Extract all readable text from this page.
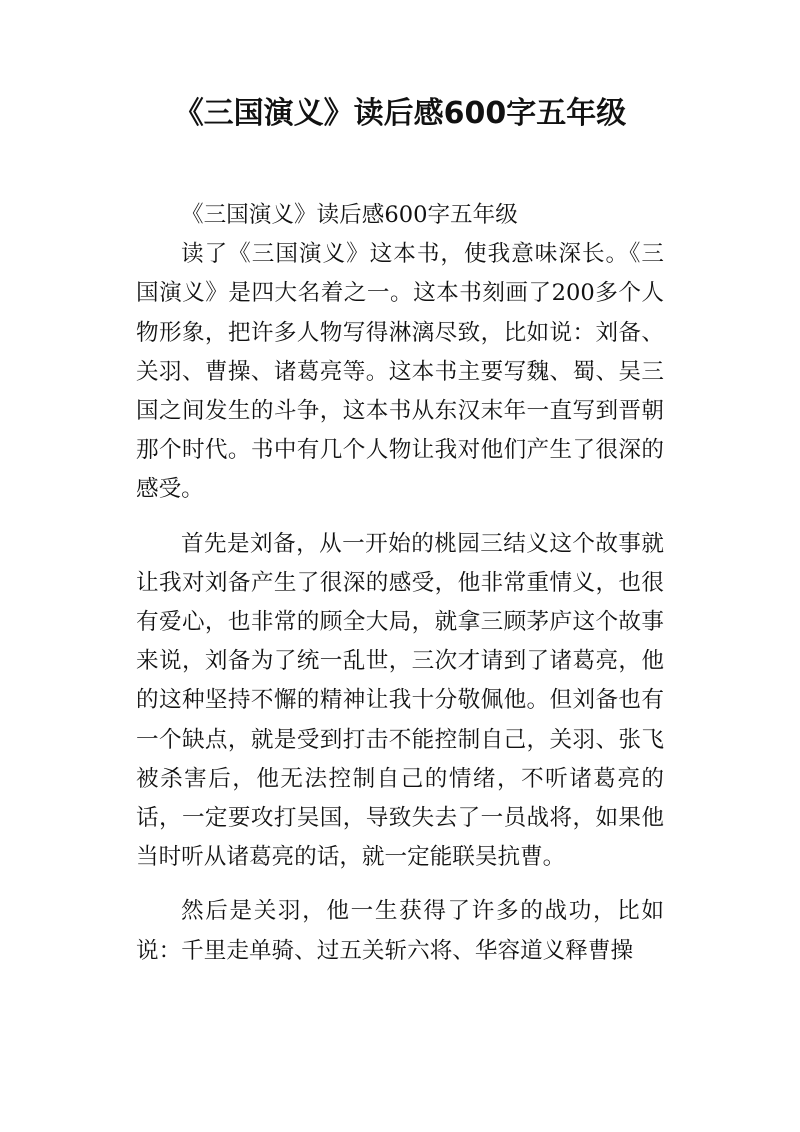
《三国演义》读后感600字五年级

《三国演义》读后感600字五年级

读了《三国演义》这本书，使我意味深长。《三国演义》是四大名着之一。这本书刻画了200多个人物形象，把许多人物写得淋漓尽致，比如说：刘备、关羽、曹操、诸葛亮等。这本书主要写魏、蜀、吴三国之间发生的斗争，这本书从东汉末年一直写到晋朝那个时代。书中有几个人物让我对他们产生了很深的感受。

首先是刘备，从一开始的桃园三结义这个故事就让我对刘备产生了很深的感受，他非常重情义，也很有爱心，也非常的顾全大局，就拿三顾茅庐这个故事来说，刘备为了统一乱世，三次才请到了诸葛亮，他的这种坚持不懈的精神让我十分敬佩他。但刘备也有一个缺点，就是受到打击不能控制自己，关羽、张飞被杀害后，他无法控制自己的情绪，不听诸葛亮的话，一定要攻打吴国，导致失去了一员战将，如果他当时听从诸葛亮的话，就一定能联吴抗曹。

然后是关羽，他一生获得了许多的战功，比如说：千里走单骑、过五关斩六将、华容道义释曹操
